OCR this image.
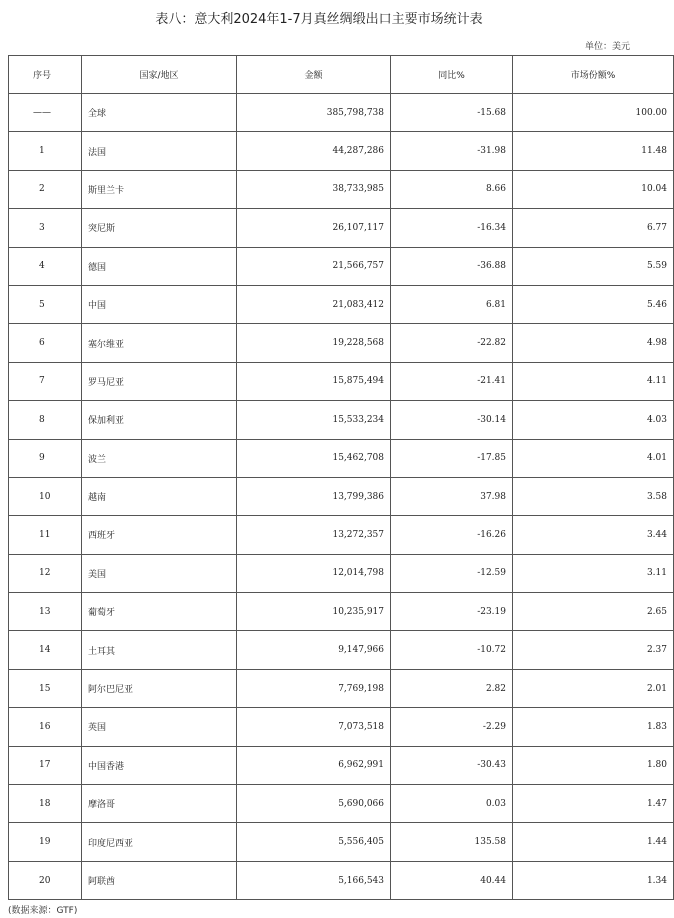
表八：意大利2024年1-7月真丝绸缎出口主要市场统计表
单位：美元
序号	国家/地区	金额	同比%	市场份额%
——	全球	385,798,738	-15.68	100.00
1	法国	44,287,286	-31.98	11.48
2	斯里兰卡	38,733,985	8.66	10.04
3	突尼斯	26,107,117	-16.34	6.77
4	德国	21,566,757	-36.88	5.59
5	中国	21,083,412	6.81	5.46
6	塞尔维亚	19,228,568	-22.82	4.98
7	罗马尼亚	15,875,494	-21.41	4.11
8	保加利亚	15,533,234	-30.14	4.03
9	波兰	15,462,708	-17.85	4.01
10	越南	13,799,386	37.98	3.58
11	西班牙	13,272,357	-16.26	3.44
12	美国	12,014,798	-12.59	3.11
13	葡萄牙	10,235,917	-23.19	2.65
14	土耳其	9,147,966	-10.72	2.37
15	阿尔巴尼亚	7,769,198	2.82	2.01
16	英国	7,073,518	-2.29	1.83
17	中国香港	6,962,991	-30.43	1.80
18	摩洛哥	5,690,066	0.03	1.47
19	印度尼西亚	5,556,405	135.58	1.44
20	阿联酋	5,166,543	40.44	1.34
(数据来源：GTF)
